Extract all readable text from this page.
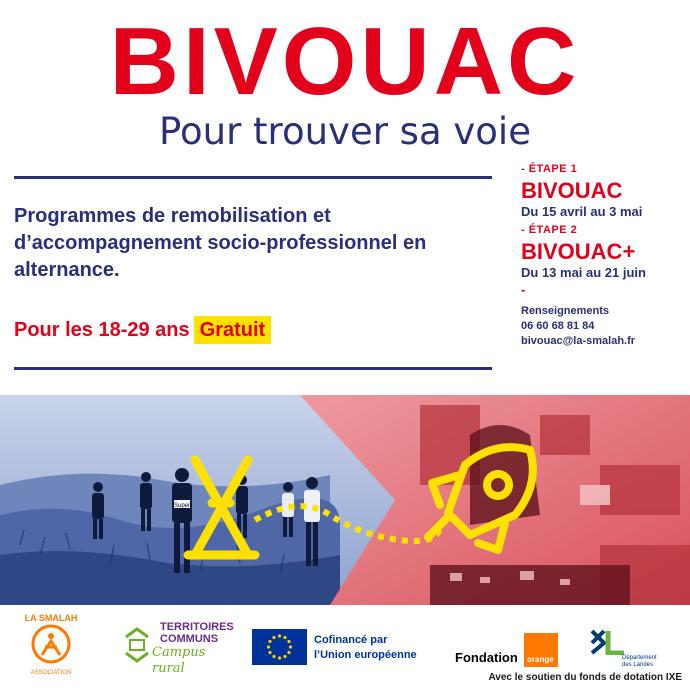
BIVOUAC
Pour trouver sa voie
Programmes de remobilisation et d’accompagnement socio-professionnel en alternance.
Pour les 18-29 ans Gratuit
- ÉTAPE 1
BIVOUAC
Du 15 avril au 3 mai
- ÉTAPE 2
BIVOUAC+
Du 13 mai au 21 juin
-
Renseignements
06 60 68 81 84
bivouac@la-smalah.fr
Super
LA SMALAH
ASSOCIATION
TERRITOIRES
COMMUNS
Campus rural
Cofinancé par
l’Union européenne	Fondation orange	Département
des Landes
Avec le soutien du fonds de dotation IXE
